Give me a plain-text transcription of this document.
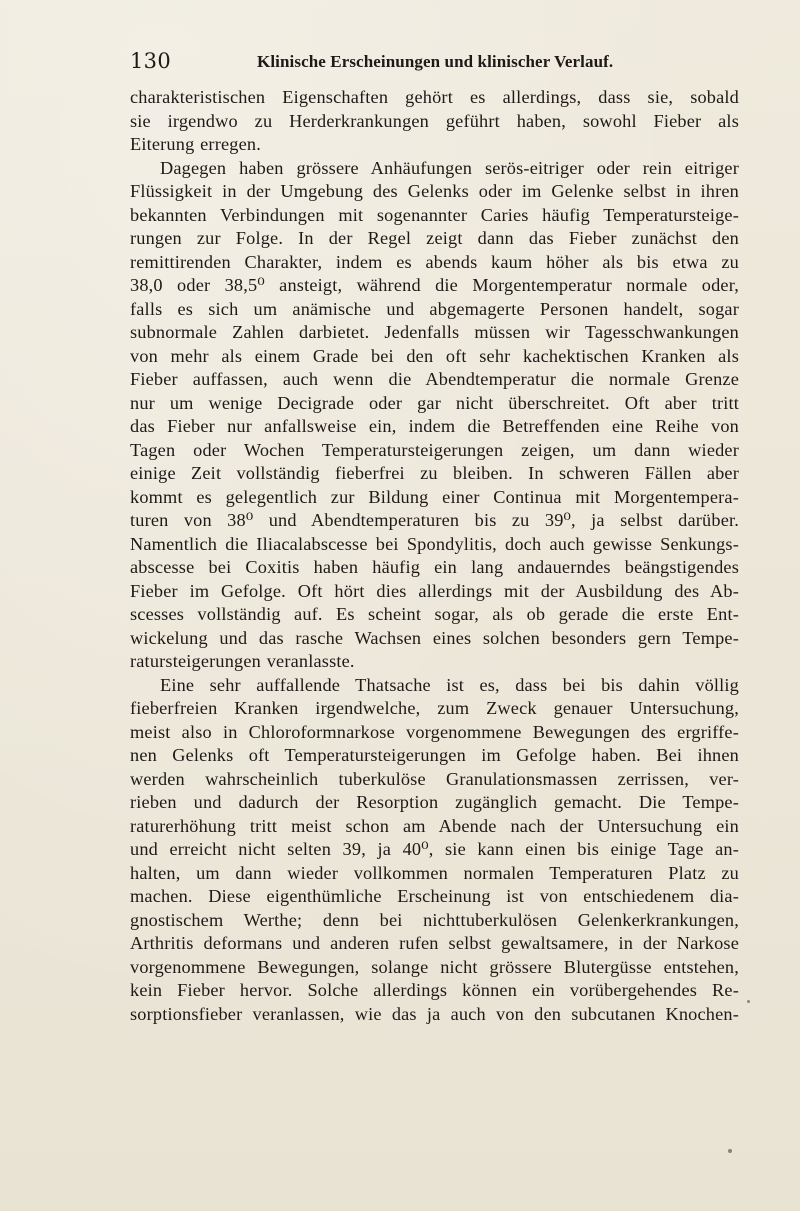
130	Klinische Erscheinungen und klinischer Verlauf.
charakteristischen Eigenschaften gehört es allerdings, dass sie, sobald
sie irgendwo zu Herderkrankungen geführt haben, sowohl Fieber als
Eiterung erregen.
Dagegen haben grössere Anhäufungen serös-eitriger oder rein eitriger
Flüssigkeit in der Umgebung des Gelenks oder im Gelenke selbst in ihren
bekannten Verbindungen mit sogenannter Caries häufig Temperatursteige-
rungen zur Folge. In der Regel zeigt dann das Fieber zunächst den
remittirenden Charakter, indem es abends kaum höher als bis etwa zu
38,0 oder 38,5⁰ ansteigt, während die Morgentemperatur normale oder,
falls es sich um anämische und abgemagerte Personen handelt, sogar
subnormale Zahlen darbietet. Jedenfalls müssen wir Tagesschwankungen
von mehr als einem Grade bei den oft sehr kachektischen Kranken als
Fieber auffassen, auch wenn die Abendtemperatur die normale Grenze
nur um wenige Decigrade oder gar nicht überschreitet. Oft aber tritt
das Fieber nur anfallsweise ein, indem die Betreffenden eine Reihe von
Tagen oder Wochen Temperatursteigerungen zeigen, um dann wieder
einige Zeit vollständig fieberfrei zu bleiben. In schweren Fällen aber
kommt es gelegentlich zur Bildung einer Continua mit Morgentempera-
turen von 38⁰ und Abendtemperaturen bis zu 39⁰, ja selbst darüber.
Namentlich die Iliacalabscesse bei Spondylitis, doch auch gewisse Senkungs-
abscesse bei Coxitis haben häufig ein lang andauerndes beängstigendes
Fieber im Gefolge. Oft hört dies allerdings mit der Ausbildung des Ab-
scesses vollständig auf. Es scheint sogar, als ob gerade die erste Ent-
wickelung und das rasche Wachsen eines solchen besonders gern Tempe-
ratursteigerungen veranlasste.
Eine sehr auffallende Thatsache ist es, dass bei bis dahin völlig
fieberfreien Kranken irgendwelche, zum Zweck genauer Untersuchung,
meist also in Chloroformnarkose vorgenommene Bewegungen des ergriffe-
nen Gelenks oft Temperatursteigerungen im Gefolge haben. Bei ihnen
werden wahrscheinlich tuberkulöse Granulationsmassen zerrissen, ver-
rieben und dadurch der Resorption zugänglich gemacht. Die Tempe-
raturerhöhung tritt meist schon am Abende nach der Untersuchung ein
und erreicht nicht selten 39, ja 40⁰, sie kann einen bis einige Tage an-
halten, um dann wieder vollkommen normalen Temperaturen Platz zu
machen. Diese eigenthümliche Erscheinung ist von entschiedenem dia-
gnostischem Werthe; denn bei nichttuberkulösen Gelenkerkrankungen,
Arthritis deformans und anderen rufen selbst gewaltsamere, in der Narkose
vorgenommene Bewegungen, solange nicht grössere Blutergüsse entstehen,
kein Fieber hervor. Solche allerdings können ein vorübergehendes Re-
sorptionsfieber veranlassen, wie das ja auch von den subcutanen Knochen-
